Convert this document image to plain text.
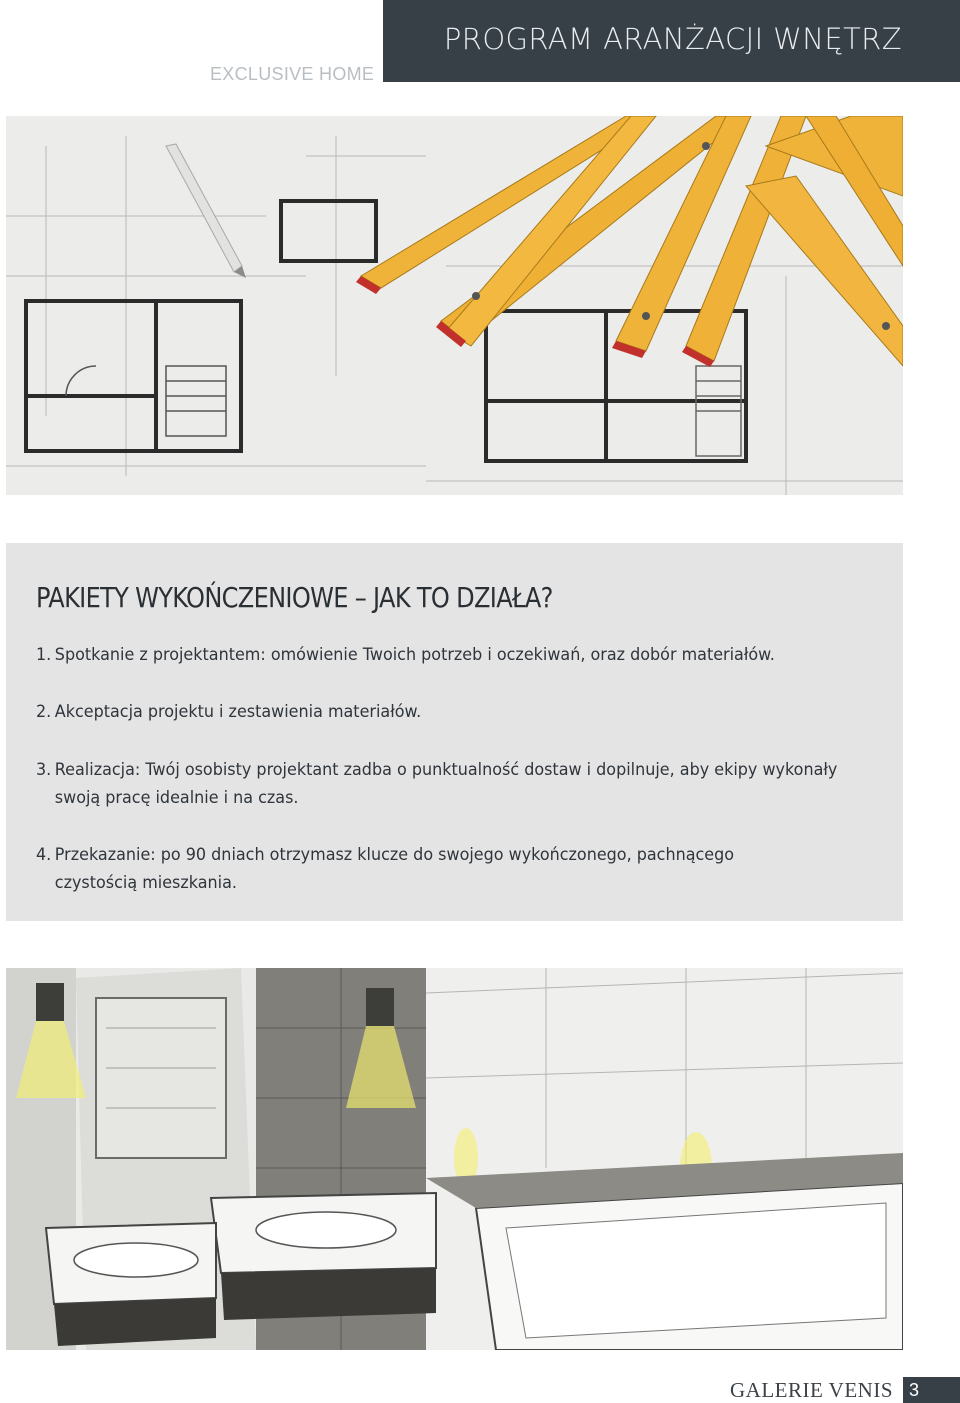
EXCLUSIVE HOME
PROGRAM ARANŻACJI WNĘTRZ
PAKIETY WYKOŃCZENIOWE – JAK TO DZIAŁA?
1. Spotkanie z projektantem: omówienie Twoich potrzeb i oczekiwań, oraz dobór materiałów.
2. Akceptacja projektu i zestawienia materiałów.
3. Realizacja: Twój osobisty projektant zadba o punktualność dostaw i dopilnuje, aby ekipy wykonały
swoją pracę idealnie i na czas.
4. Przekazanie: po 90 dniach otrzymasz klucze do swojego wykończonego, pachnącego
czystością mieszkania.
GALERIE VENIS 3
